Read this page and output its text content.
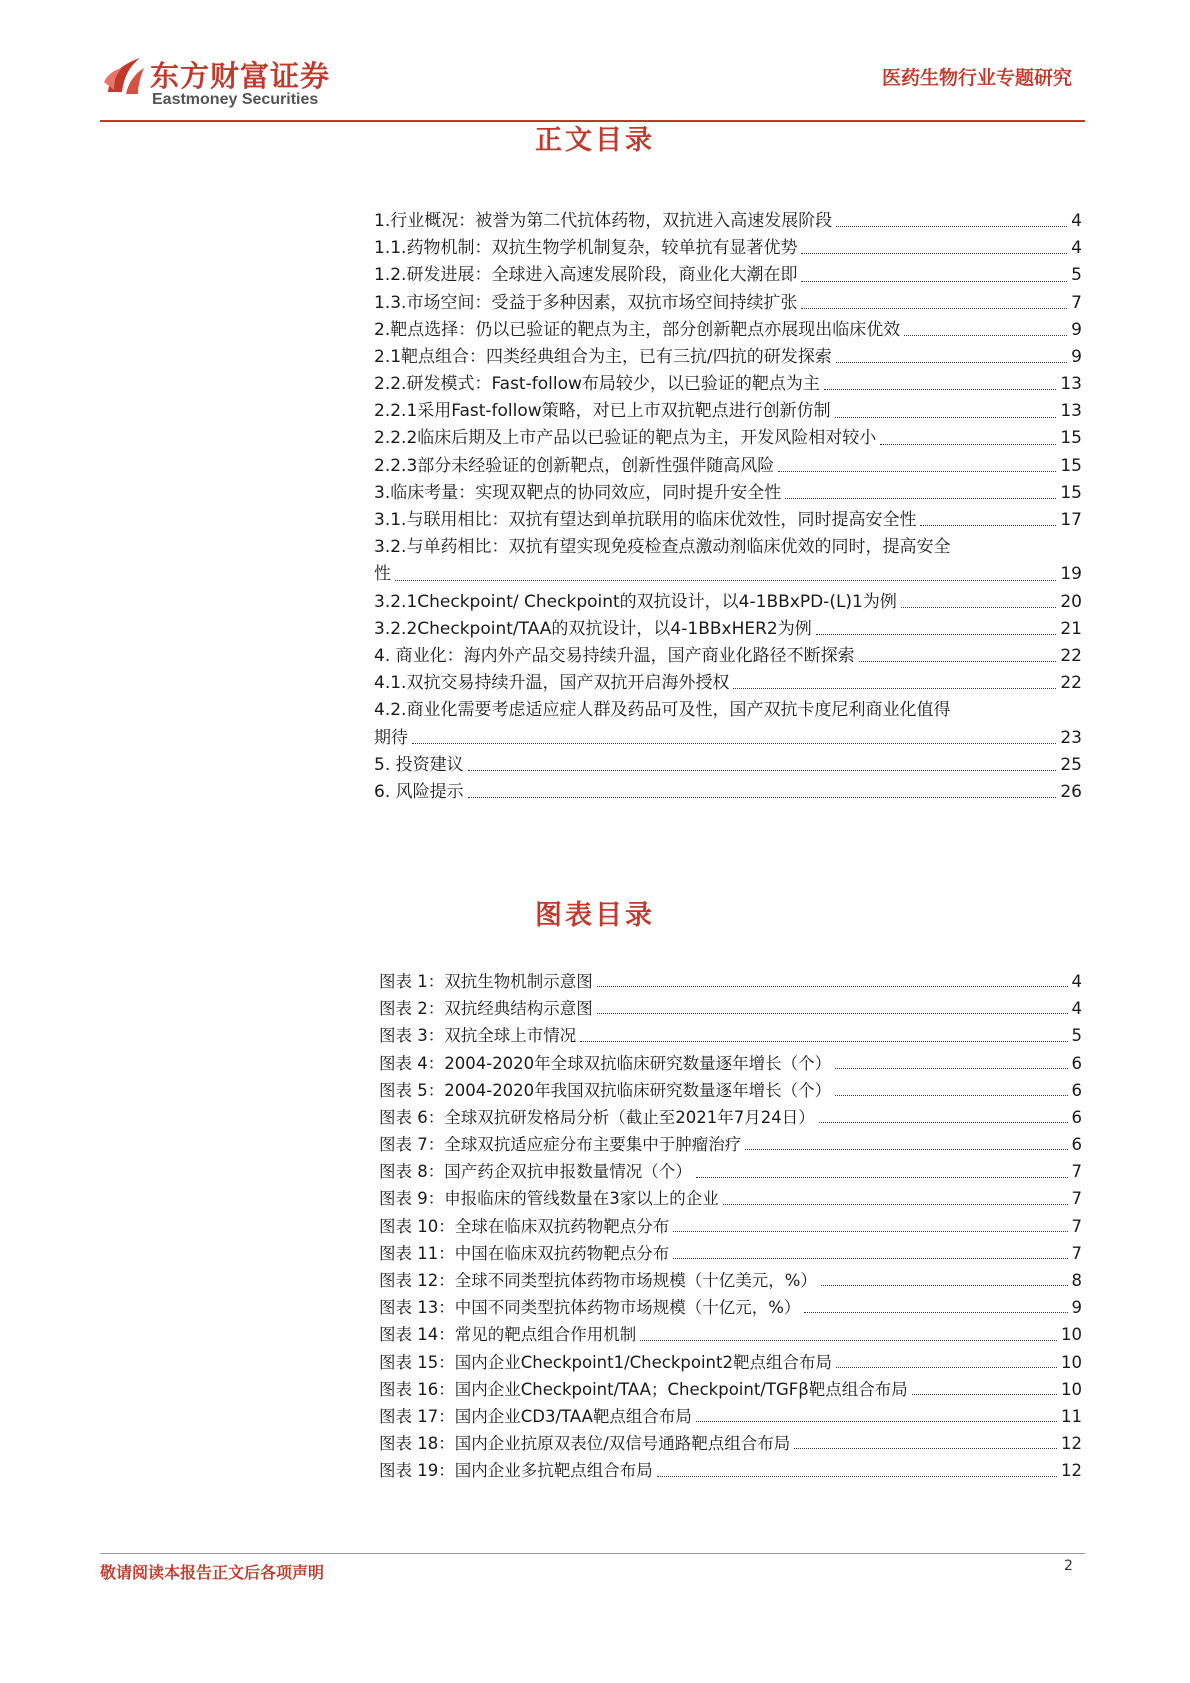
东方财富证券
Eastmoney Securities
医药生物行业专题研究
正文目录
1.行业概况：被誉为第二代抗体药物，双抗进入高速发展阶段	4
1.1.药物机制：双抗生物学机制复杂，较单抗有显著优势	4
1.2.研发进展：全球进入高速发展阶段，商业化大潮在即	5
1.3.市场空间：受益于多种因素，双抗市场空间持续扩张	7
2.靶点选择：仍以已验证的靶点为主，部分创新靶点亦展现出临床优效	9
2.1靶点组合：四类经典组合为主，已有三抗/四抗的研发探索	9
2.2.研发模式：Fast-follow布局较少，以已验证的靶点为主	13
2.2.1采用Fast-follow策略，对已上市双抗靶点进行创新仿制	13
2.2.2临床后期及上市产品以已验证的靶点为主，开发风险相对较小	15
2.2.3部分未经验证的创新靶点，创新性强伴随高风险	15
3.临床考量：实现双靶点的协同效应，同时提升安全性	15
3.1.与联用相比：双抗有望达到单抗联用的临床优效性，同时提高安全性	17
3.2.与单药相比：双抗有望实现免疫检查点激动剂临床优效的同时，提高安全
性	19
3.2.1Checkpoint/ Checkpoint的双抗设计，以4-1BBxPD-(L)1为例	20
3.2.2Checkpoint/TAA的双抗设计，以4-1BBxHER2为例	21
4. 商业化：海内外产品交易持续升温，国产商业化路径不断探索	22
4.1.双抗交易持续升温，国产双抗开启海外授权	22
4.2.商业化需要考虑适应症人群及药品可及性，国产双抗卡度尼利商业化值得
期待	23
5. 投资建议	25
6. 风险提示	26
图表目录
图表 1：双抗生物机制示意图	4
图表 2：双抗经典结构示意图	4
图表 3：双抗全球上市情况	5
图表 4：2004-2020年全球双抗临床研究数量逐年增长（个）	6
图表 5：2004-2020年我国双抗临床研究数量逐年增长（个）	6
图表 6：全球双抗研发格局分析（截止至2021年7月24日）	6
图表 7：全球双抗适应症分布主要集中于肿瘤治疗	6
图表 8：国产药企双抗申报数量情况（个）	7
图表 9：申报临床的管线数量在3家以上的企业	7
图表 10：全球在临床双抗药物靶点分布	7
图表 11：中国在临床双抗药物靶点分布	7
图表 12：全球不同类型抗体药物市场规模（十亿美元，%）	8
图表 13：中国不同类型抗体药物市场规模（十亿元，%）	9
图表 14：常见的靶点组合作用机制	10
图表 15：国内企业Checkpoint1/Checkpoint2靶点组合布局	10
图表 16：国内企业Checkpoint/TAA；Checkpoint/TGFβ靶点组合布局	10
图表 17：国内企业CD3/TAA靶点组合布局	11
图表 18：国内企业抗原双表位/双信号通路靶点组合布局	12
图表 19：国内企业多抗靶点组合布局	12
敬请阅读本报告正文后各项声明	2
